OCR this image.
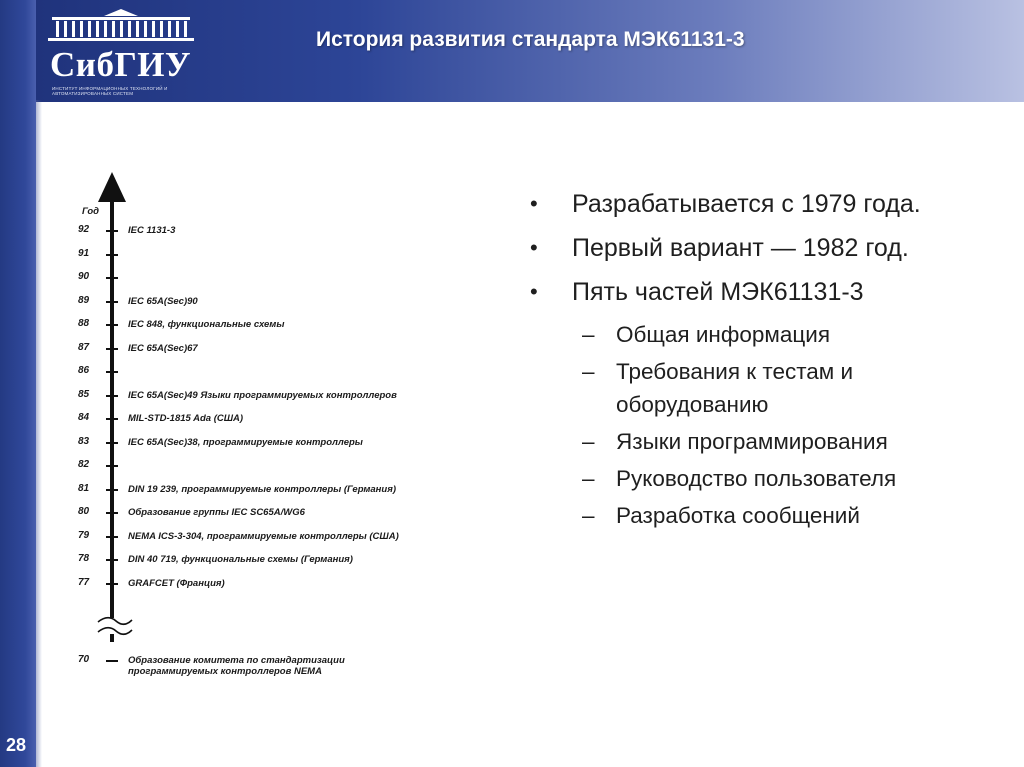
СибГИУ
ИНСТИТУТ ИНФОРМАЦИОННЫХ ТЕХНОЛОГИЙ И АВТОМАТИЗИРОВАННЫХ СИСТЕМ
История развития стандарта МЭК61131-3
28
Год
92
91
90
89
88
87
86
85
84
83
82
81
80
79
78
77
70
IEC 1131-3
IEC 65A(Sec)90
IEC 848, функциональные схемы
IEC 65A(Sec)67
IEC 65A(Sec)49 Языки программируемых контроллеров
MIL-STD-1815 Ada (США)
IEC 65A(Sec)38, программируемые контроллеры
DIN 19 239, программируемые контроллеры (Германия)
Образование группы IEC SC65A/WG6
NEMA ICS-3-304, программируемые контроллеры (США)
DIN 40 719, функциональные схемы (Германия)
GRAFCET (Франция)
Образование комитета по стандартизации программируемых контроллеров NEMA
• Разрабатывается с 1979 года.
• Первый вариант — 1982 год.
• Пять частей МЭК61131-3
– Общая информация
– Требования к тестам и оборудованию
– Языки программирования
– Руководство пользователя
– Разработка сообщений
